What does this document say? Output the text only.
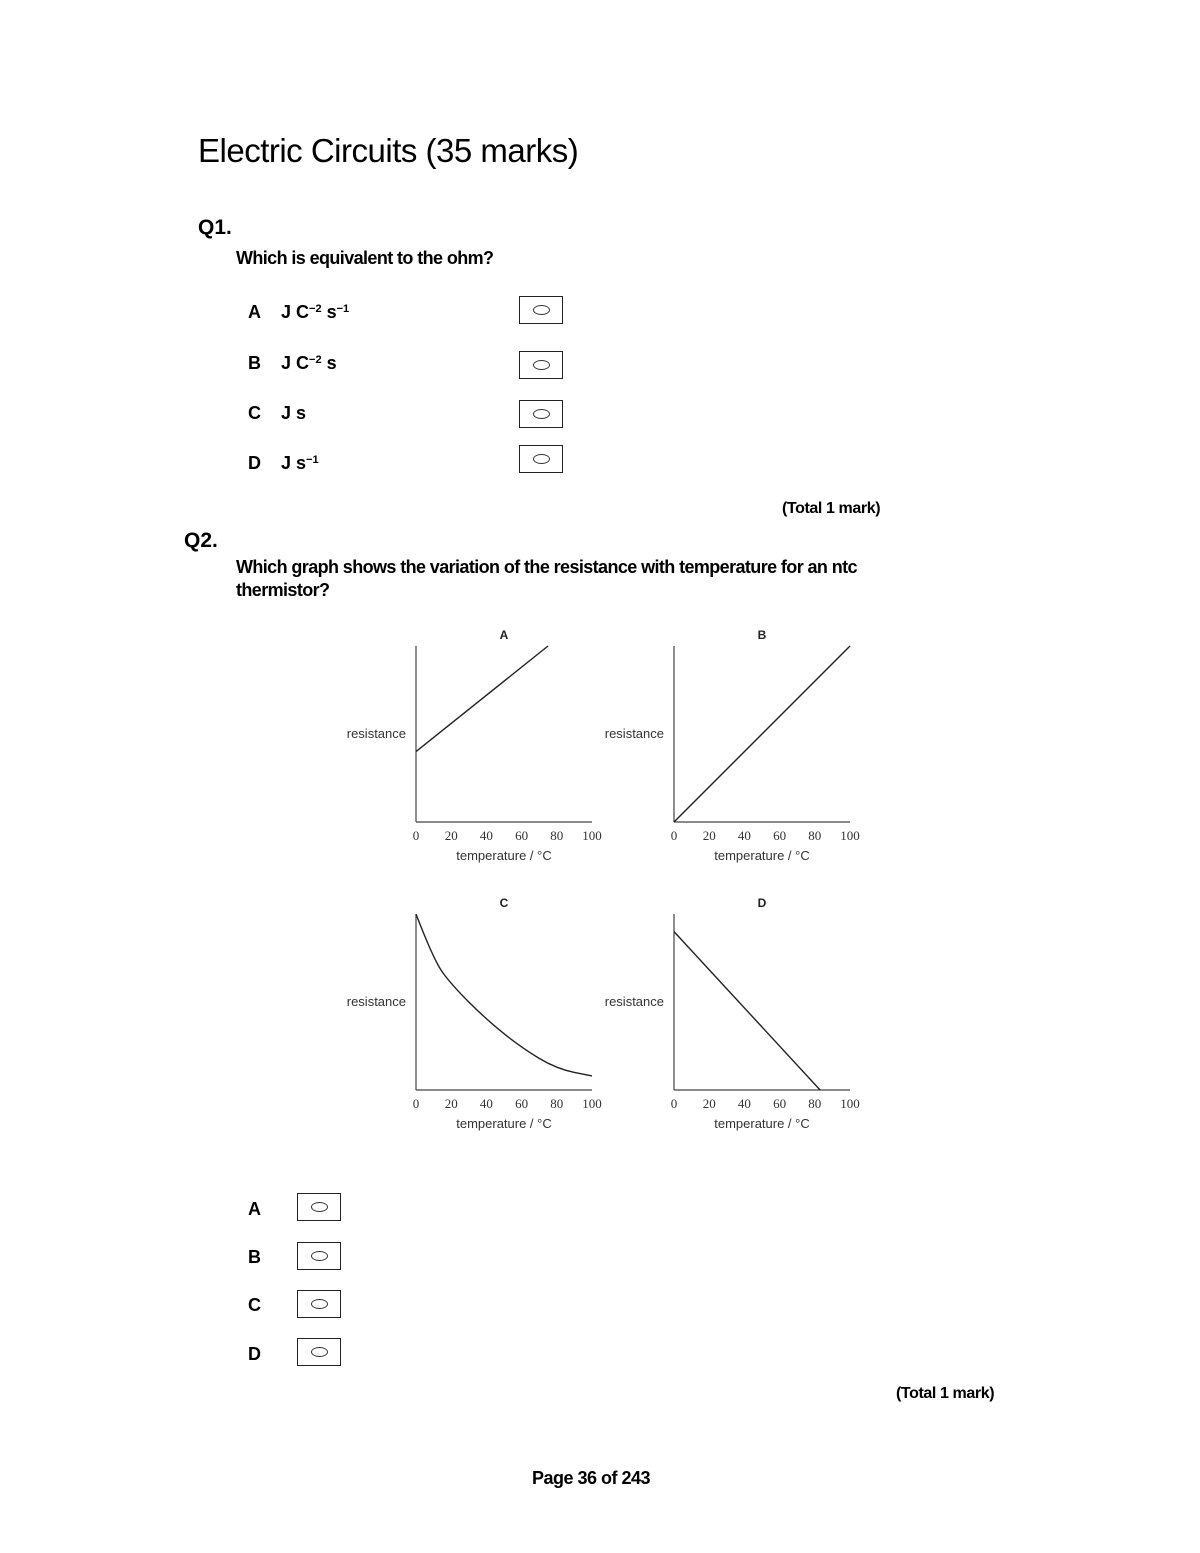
Electric Circuits (35 marks)
Q1.
Which is equivalent to the ohm?
A J $C^{-2}$ $s^{-1}$
B J $C^{-2}$ s
C J s
D J $s^{-1}$
(Total 1 mark)
Q2.
Which graph shows the variation of the resistance with temperature for an ntc
thermistor?
A
resistance
0 20 40 60 80 100
temperature / °C
B
resistance
0 20 40 60 80 100
temperature / °C
C
resistance
0 20 40 60 80 100
temperature / °C
D
resistance
0 20 40 60 80 100
temperature / °C
A
B
C
D
(Total 1 mark)
Page 36 of 243
